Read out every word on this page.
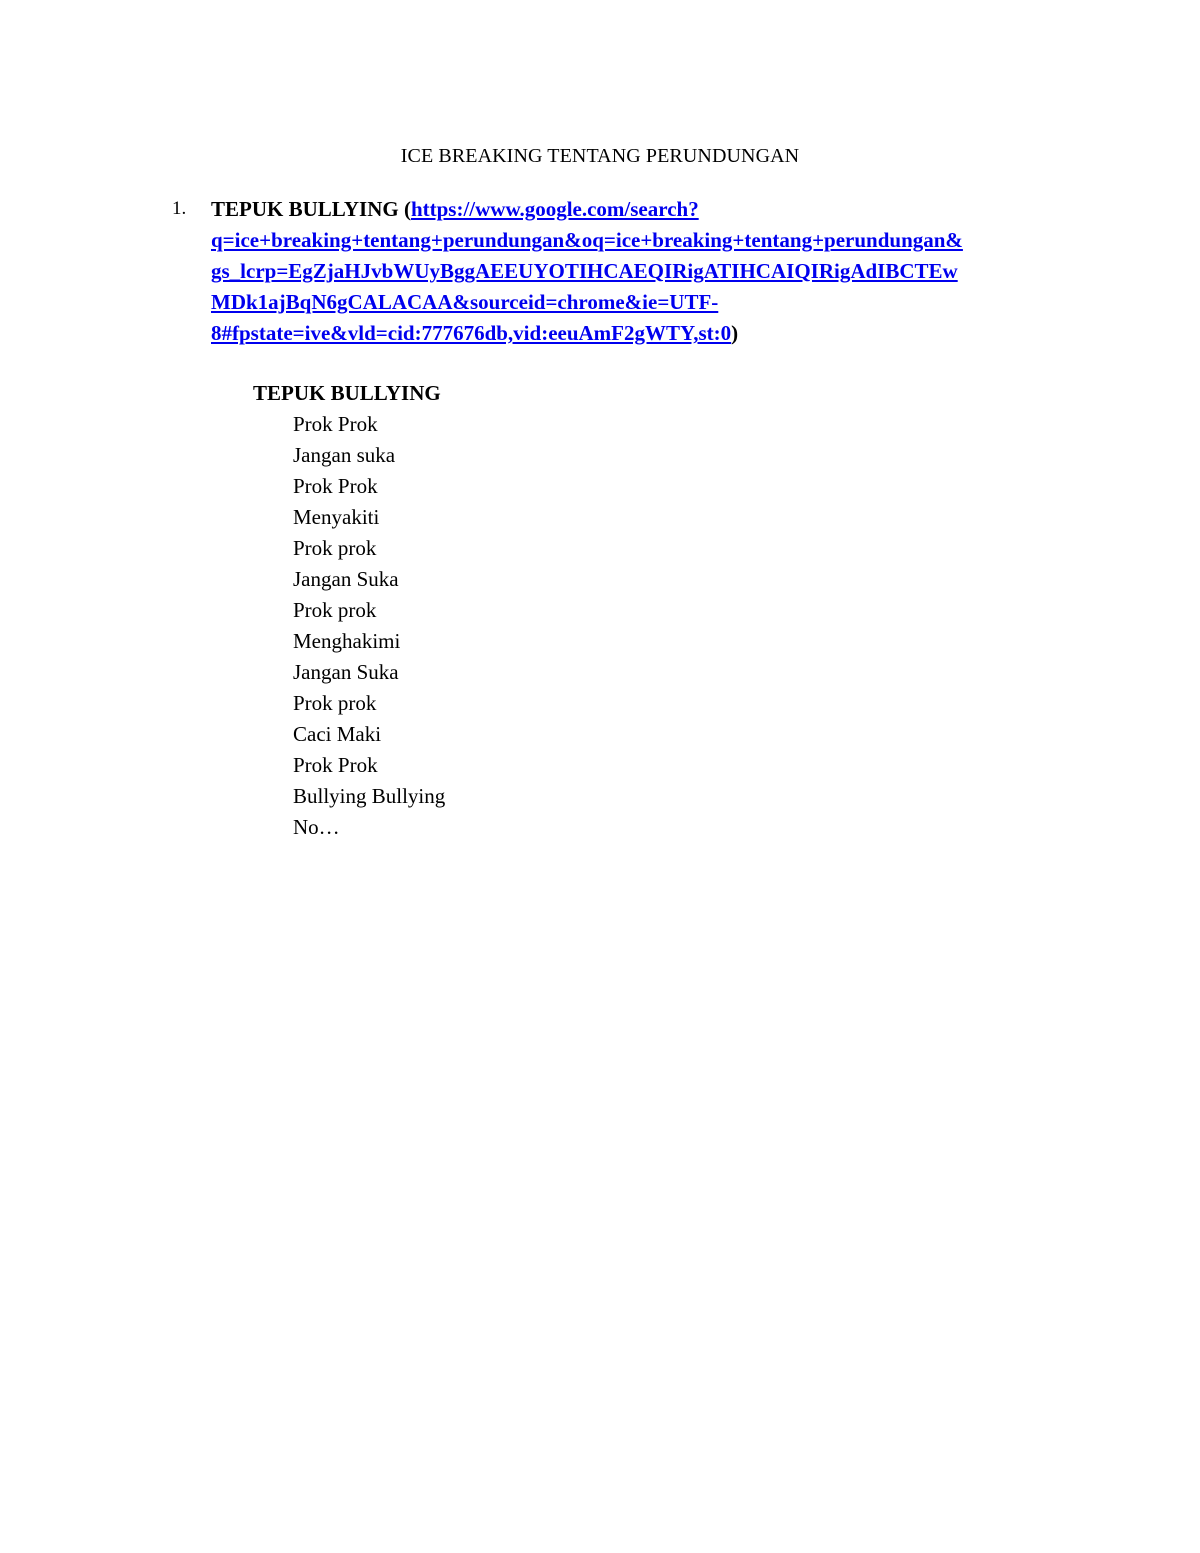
ICE BREAKING TENTANG PERUNDUNGAN
1. TEPUK BULLYING (https://www.google.com/search?
q=ice+breaking+tentang+perundungan&oq=ice+breaking+tentang+perundungan&
gs_lcrp=EgZjaHJvbWUyBggAEEUYOTIHCAEQIRigATIHCAIQIRigAdIBCTEw
MDk1ajBqN6gCALACAA&sourceid=chrome&ie=UTF-
8#fpstate=ive&vld=cid:777676db,vid:eeuAmF2gWTY,st:0)

TEPUK BULLYING

Prok Prok
Jangan suka
Prok Prok
Menyakiti
Prok prok
Jangan Suka
Prok prok
Menghakimi
Jangan Suka
Prok prok
Caci Maki
Prok Prok
Bullying Bullying
No…
